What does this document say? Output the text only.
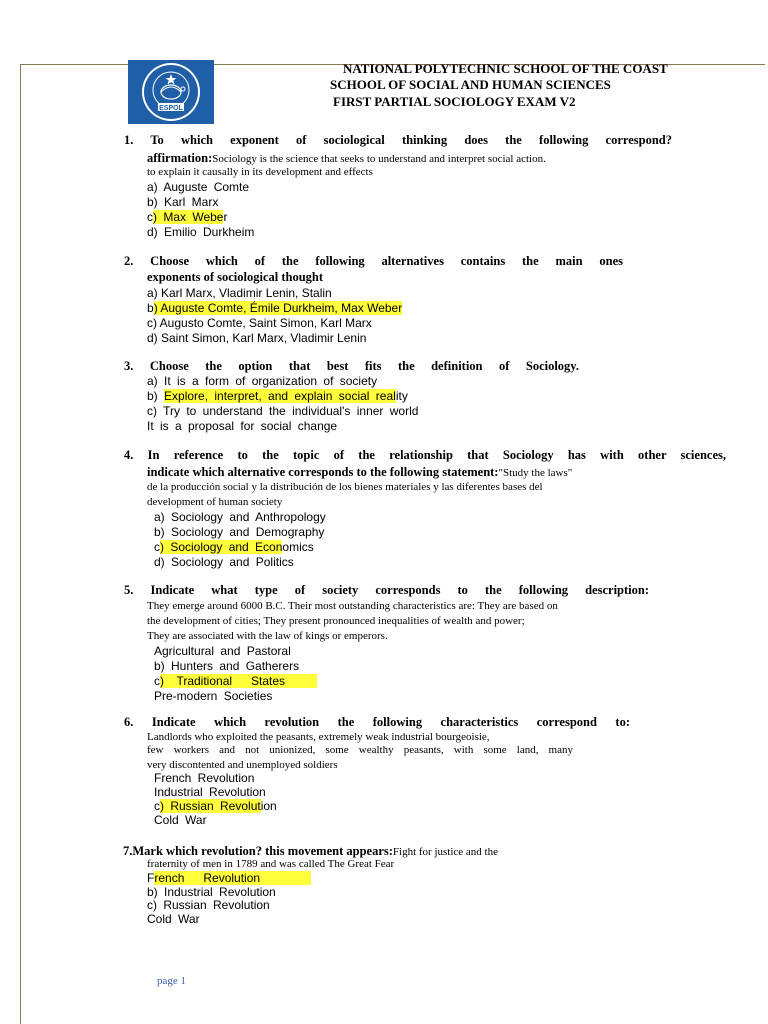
ESPOL
NATIONAL POLYTECHNIC SCHOOL OF THE COAST
SCHOOL OF SOCIAL AND HUMAN SCIENCES
FIRST PARTIAL SOCIOLOGY EXAM V2
1. To which exponent of sociological thinking does the following correspond?
affirmation:Sociology is the science that seeks to understand and interpret social action.
to explain it causally in its development and effects
a) Auguste Comte
b) Karl Marx
c) Max Weber
d) Emilio Durkheim
2. Choose which of the following alternatives contains the main ones
exponents of sociological thought
a) Karl Marx, Vladimir Lenin, Stalin
b) Auguste Comte, Émile Durkheim, Max Weber
c) Augusto Comte, Saint Simon, Karl Marx
d) Saint Simon, Karl Marx, Vladimir Lenin
3. Choose the option that best fits the definition of Sociology.
a) It is a form of organization of society
b) Explore, interpret, and explain social reality
c) Try to understand the individual's inner world
It is a proposal for social change
4. In reference to the topic of the relationship that Sociology has with other sciences,
indicate which alternative corresponds to the following statement:"Study the laws"
de la producción social y la distribución de los bienes materiales y las diferentes bases del
development of human society
a) Sociology and Anthropology
b) Sociology and Demography
c) Sociology and Economics
d) Sociology and Politics
5. Indicate what type of society corresponds to the following description:
They emerge around 6000 B.C. Their most outstanding characteristics are: They are based on
the development of cities; They present pronounced inequalities of wealth and power;
They are associated with the law of kings or emperors.
Agricultural and Pastoral
b) Hunters and Gatherers
c)  Traditional   States
Pre-modern Societies
6. Indicate which revolution the following characteristics correspond to:
Landlords who exploited the peasants, extremely weak industrial bourgeoisie,
few workers and not unionized, some wealthy peasants, with some land, many
very discontented and unemployed soldiers
French Revolution
Industrial Revolution
c) Russian Revolution
Cold War
7.Mark which revolution? this movement appears:Fight for justice and the
fraternity of men in 1789 and was called The Great Fear
French   Revolution
b) Industrial Revolution
c) Russian Revolution
Cold War
page 1
